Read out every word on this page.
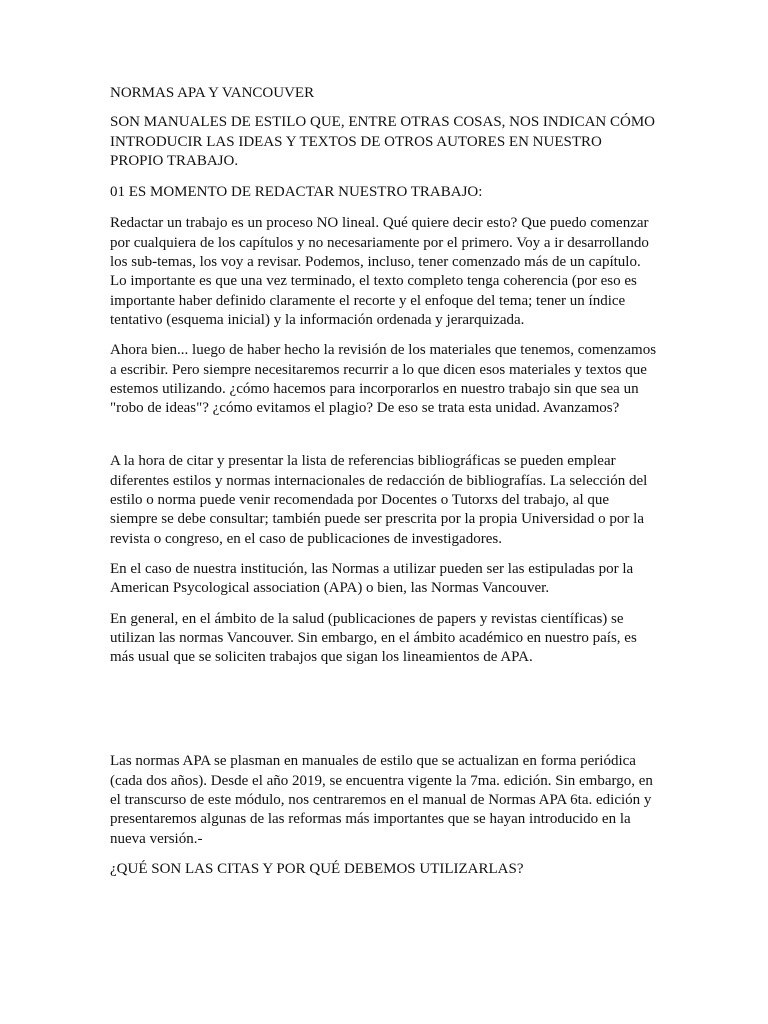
NORMAS APA Y VANCOUVER

SON MANUALES DE ESTILO QUE, ENTRE OTRAS COSAS, NOS INDICAN CÓMO INTRODUCIR LAS IDEAS Y TEXTOS DE OTROS AUTORES EN NUESTRO PROPIO TRABAJO.

01 ES MOMENTO DE REDACTAR NUESTRO TRABAJO:

Redactar un trabajo es un proceso NO lineal. Qué quiere decir esto? Que puedo comenzar por cualquiera de los capítulos y no necesariamente por el primero. Voy a ir desarrollando los sub-temas, los voy a revisar. Podemos, incluso, tener comenzado más de un capítulo. Lo importante es que una vez terminado, el texto completo tenga coherencia (por eso es importante haber definido claramente el recorte y el enfoque del tema; tener un índice tentativo (esquema inicial) y la información ordenada y jerarquizada.

Ahora bien... luego de haber hecho la revisión de los materiales que tenemos, comenzamos a escribir. Pero siempre necesitaremos recurrir a lo que dicen esos materiales y textos que estemos utilizando. ¿cómo hacemos para incorporarlos en nuestro trabajo sin que sea un "robo de ideas"? ¿cómo evitamos el plagio? De eso se trata esta unidad. Avanzamos?

A la hora de citar y presentar la lista de referencias bibliográficas se pueden emplear diferentes estilos y normas internacionales de redacción de bibliografías. La selección del estilo o norma puede venir recomendada por Docentes o Tutorxs del trabajo, al que siempre se debe consultar; también puede ser prescrita por la propia Universidad o por la revista o congreso, en el caso de publicaciones de investigadores.

En el caso de nuestra institución, las Normas a utilizar pueden ser las estipuladas por la American Psycological association (APA) o bien, las Normas Vancouver.

En general, en el ámbito de la salud (publicaciones de papers y revistas científicas) se utilizan las normas Vancouver. Sin embargo, en el ámbito académico en nuestro país, es más usual que se soliciten trabajos que sigan los lineamientos de APA.

Las normas APA se plasman en manuales de estilo que se actualizan en forma periódica (cada dos años). Desde el año 2019, se encuentra vigente la 7ma. edición. Sin embargo, en el transcurso de este módulo, nos centraremos en el manual de Normas APA 6ta. edición y presentaremos algunas de las reformas más importantes que se hayan introducido en la nueva versión.-

¿QUÉ SON LAS CITAS Y POR QUÉ DEBEMOS UTILIZARLAS?
